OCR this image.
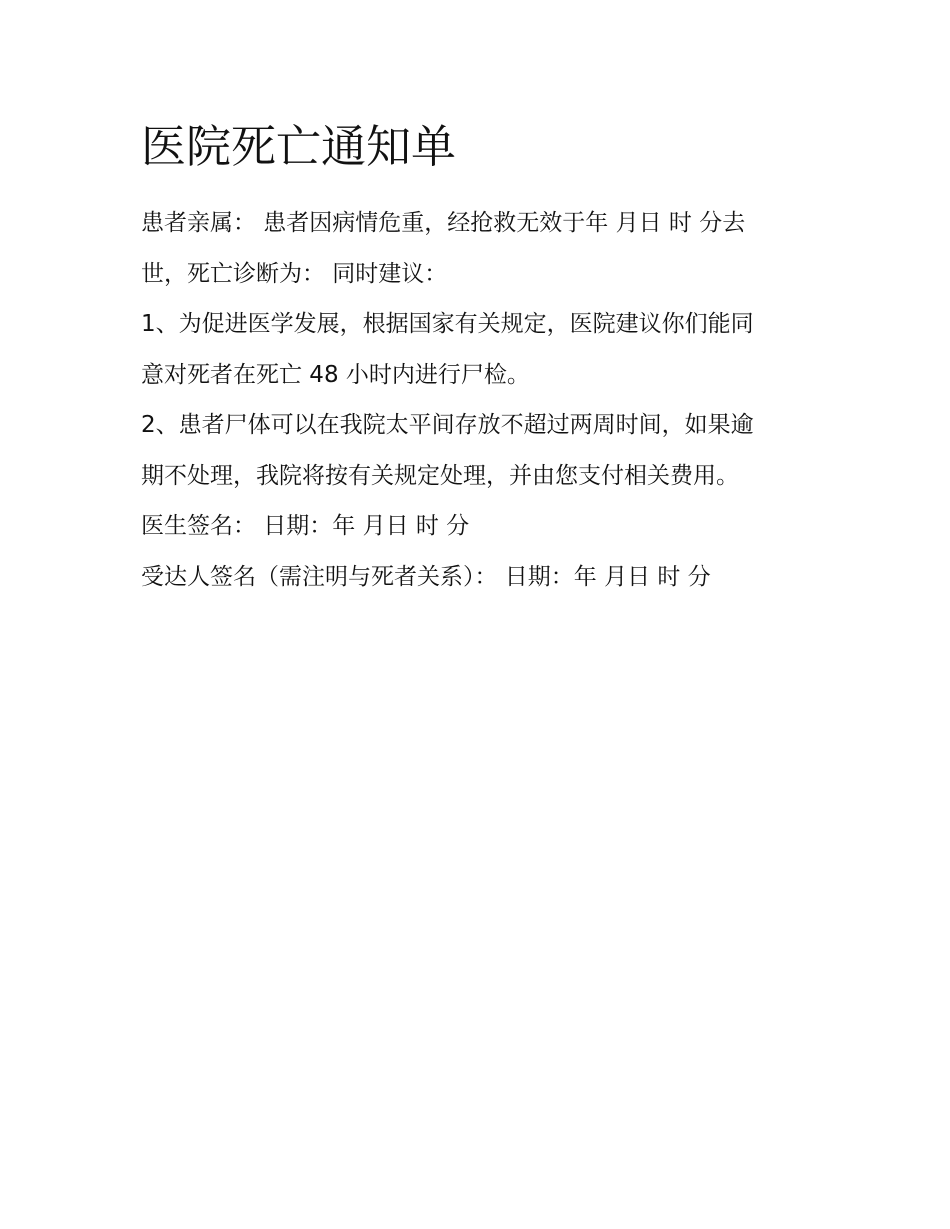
医院死亡通知单

患者亲属： 患者因病情危重，经抢救无效于年 月日 时 分去
世，死亡诊断为： 同时建议：

1、为促进医学发展，根据国家有关规定，医院建议你们能同
意对死者在死亡 48 小时内进行尸检。

2、患者尸体可以在我院太平间存放不超过两周时间，如果逾
期不处理，我院将按有关规定处理，并由您支付相关费用。

医生签名： 日期：年 月日 时 分

受达人签名（需注明与死者关系）： 日期：年 月日 时 分
